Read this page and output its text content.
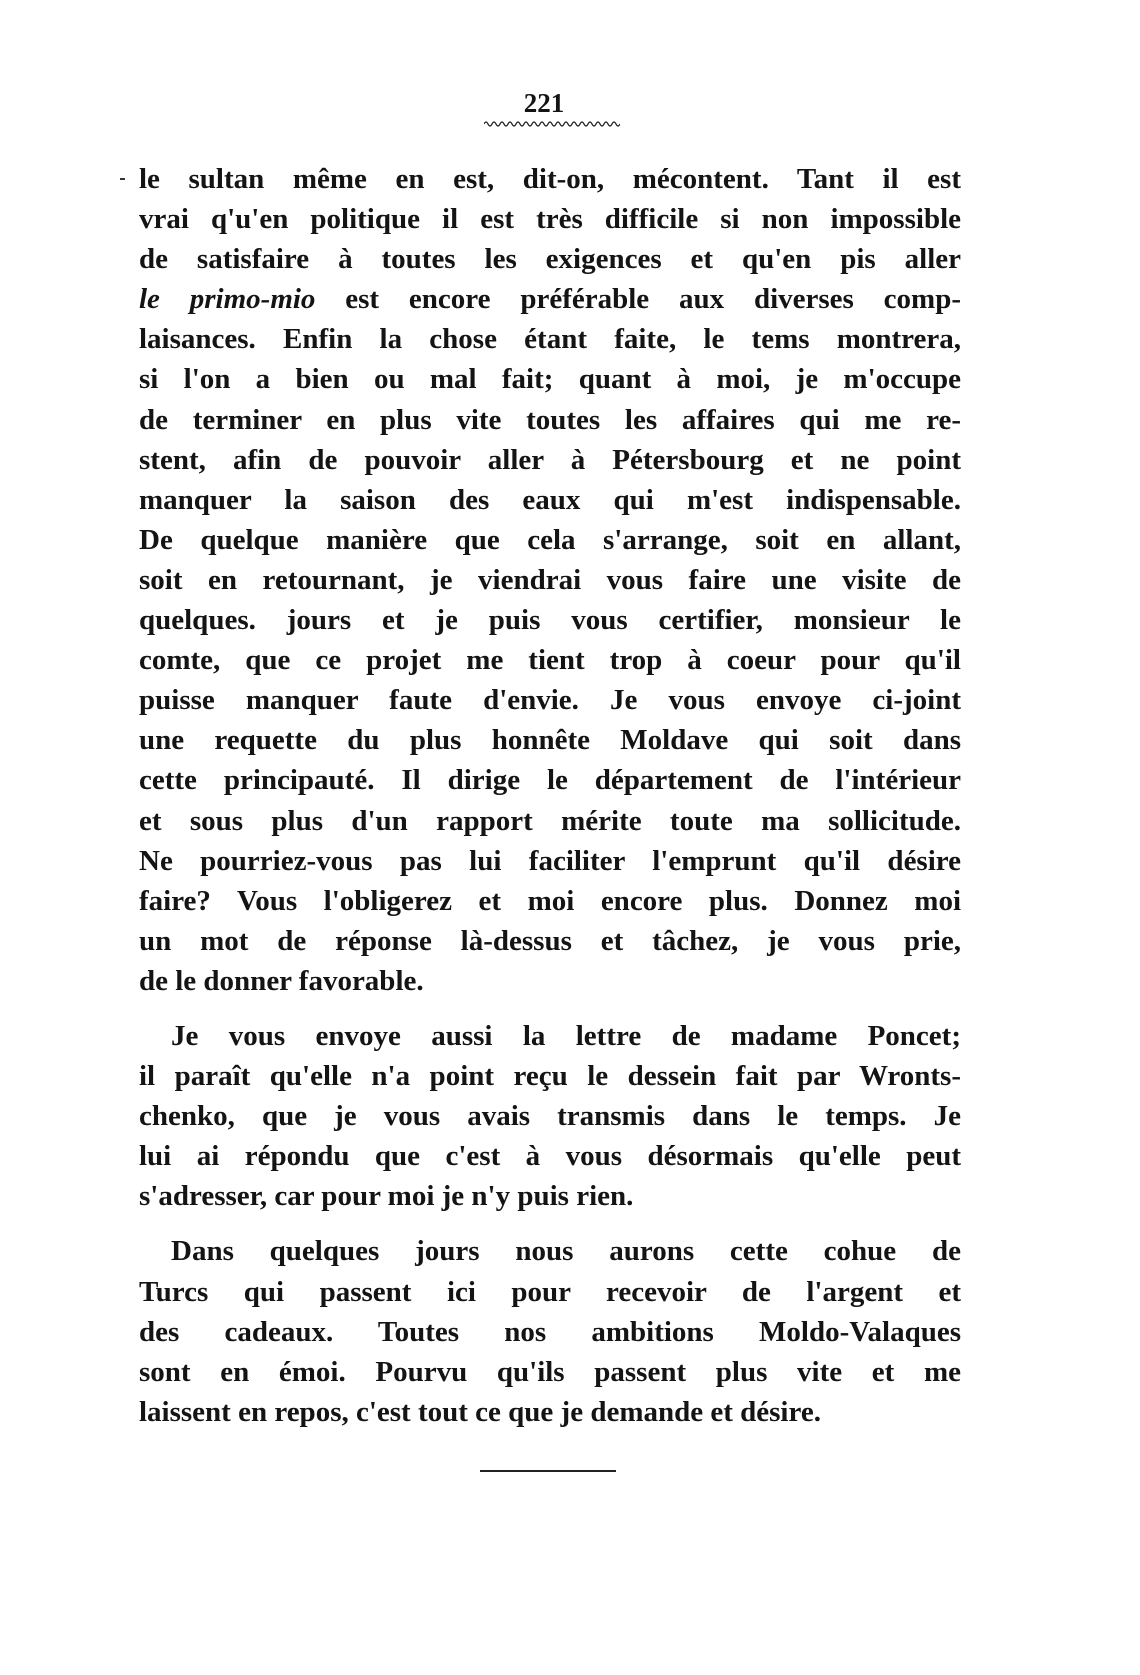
221
le sultan même en est, dit-on, mécontent. Tant il est
vrai q'u'en politique il est très difficile si non impossible
de satisfaire à toutes les exigences et qu'en pis aller
le primo-mio est encore préférable aux diverses comp-
laisances. Enfin la chose étant faite, le tems montrera,
si l'on a bien ou mal fait; quant à moi, je m'occupe
de terminer en plus vite toutes les affaires qui me re-
stent, afin de pouvoir aller à Pétersbourg et ne point
manquer la saison des eaux qui m'est indispensable.
De quelque manière que cela s'arrange, soit en allant,
soit en retournant, je viendrai vous faire une visite de
quelques. jours et je puis vous certifier, monsieur le
comte, que ce projet me tient trop à coeur pour qu'il
puisse manquer faute d'envie. Je vous envoye ci-joint
une requette du plus honnête Moldave qui soit dans
cette principauté. Il dirige le département de l'intérieur
et sous plus d'un rapport mérite toute ma sollicitude.
Ne pourriez-vous pas lui faciliter l'emprunt qu'il désire
faire? Vous l'obligerez et moi encore plus. Donnez moi
un mot de réponse là-dessus et tâchez, je vous prie,
de le donner favorable.
Je vous envoye aussi la lettre de madame Poncet;
il paraît qu'elle n'a point reçu le dessein fait par Wronts-
chenko, que je vous avais transmis dans le temps. Je
lui ai répondu que c'est à vous désormais qu'elle peut
s'adresser, car pour moi je n'y puis rien.
Dans quelques jours nous aurons cette cohue de
Turcs qui passent ici pour recevoir de l'argent et
des cadeaux. Toutes nos ambitions Moldo-Valaques
sont en émoi. Pourvu qu'ils passent plus vite et me
laissent en repos, c'est tout ce que je demande et désire.
